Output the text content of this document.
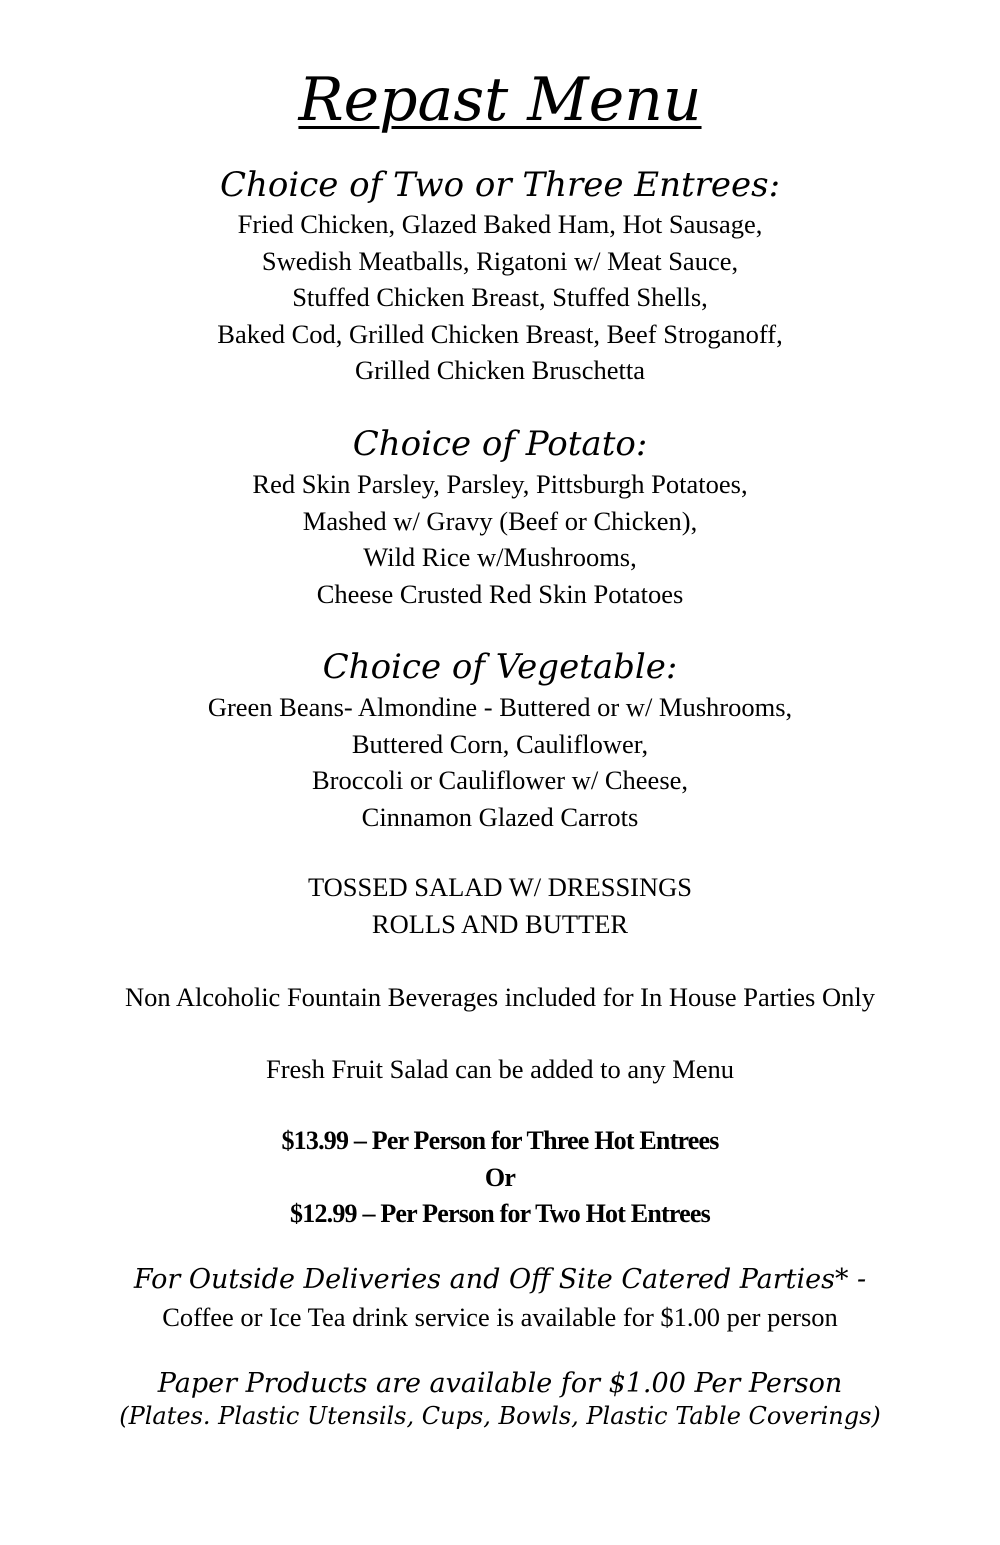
Repast Menu
Choice of Two or Three Entrees:
Fried Chicken, Glazed Baked Ham, Hot Sausage,
Swedish Meatballs, Rigatoni w/ Meat Sauce,
Stuffed Chicken Breast, Stuffed Shells,
Baked Cod, Grilled Chicken Breast, Beef Stroganoff,
Grilled Chicken Bruschetta
Choice of Potato:
Red Skin Parsley, Parsley, Pittsburgh Potatoes,
Mashed w/ Gravy (Beef or Chicken),
Wild Rice w/Mushrooms,
Cheese Crusted Red Skin Potatoes
Choice of Vegetable:
Green Beans- Almondine - Buttered or w/ Mushrooms,
Buttered Corn, Cauliflower,
Broccoli or Cauliflower w/ Cheese,
Cinnamon Glazed Carrots
TOSSED SALAD W/ DRESSINGS
ROLLS AND BUTTER
Non Alcoholic Fountain Beverages included for In House Parties Only
Fresh Fruit Salad can be added to any Menu
$13.99 – Per Person for Three Hot Entrees
Or
$12.99 – Per Person for Two Hot Entrees
For Outside Deliveries and Off Site Catered Parties* -
Coffee or Ice Tea drink service is available for $1.00 per person
Paper Products are available for $1.00 Per Person
(Plates. Plastic Utensils, Cups, Bowls, Plastic Table Coverings)
